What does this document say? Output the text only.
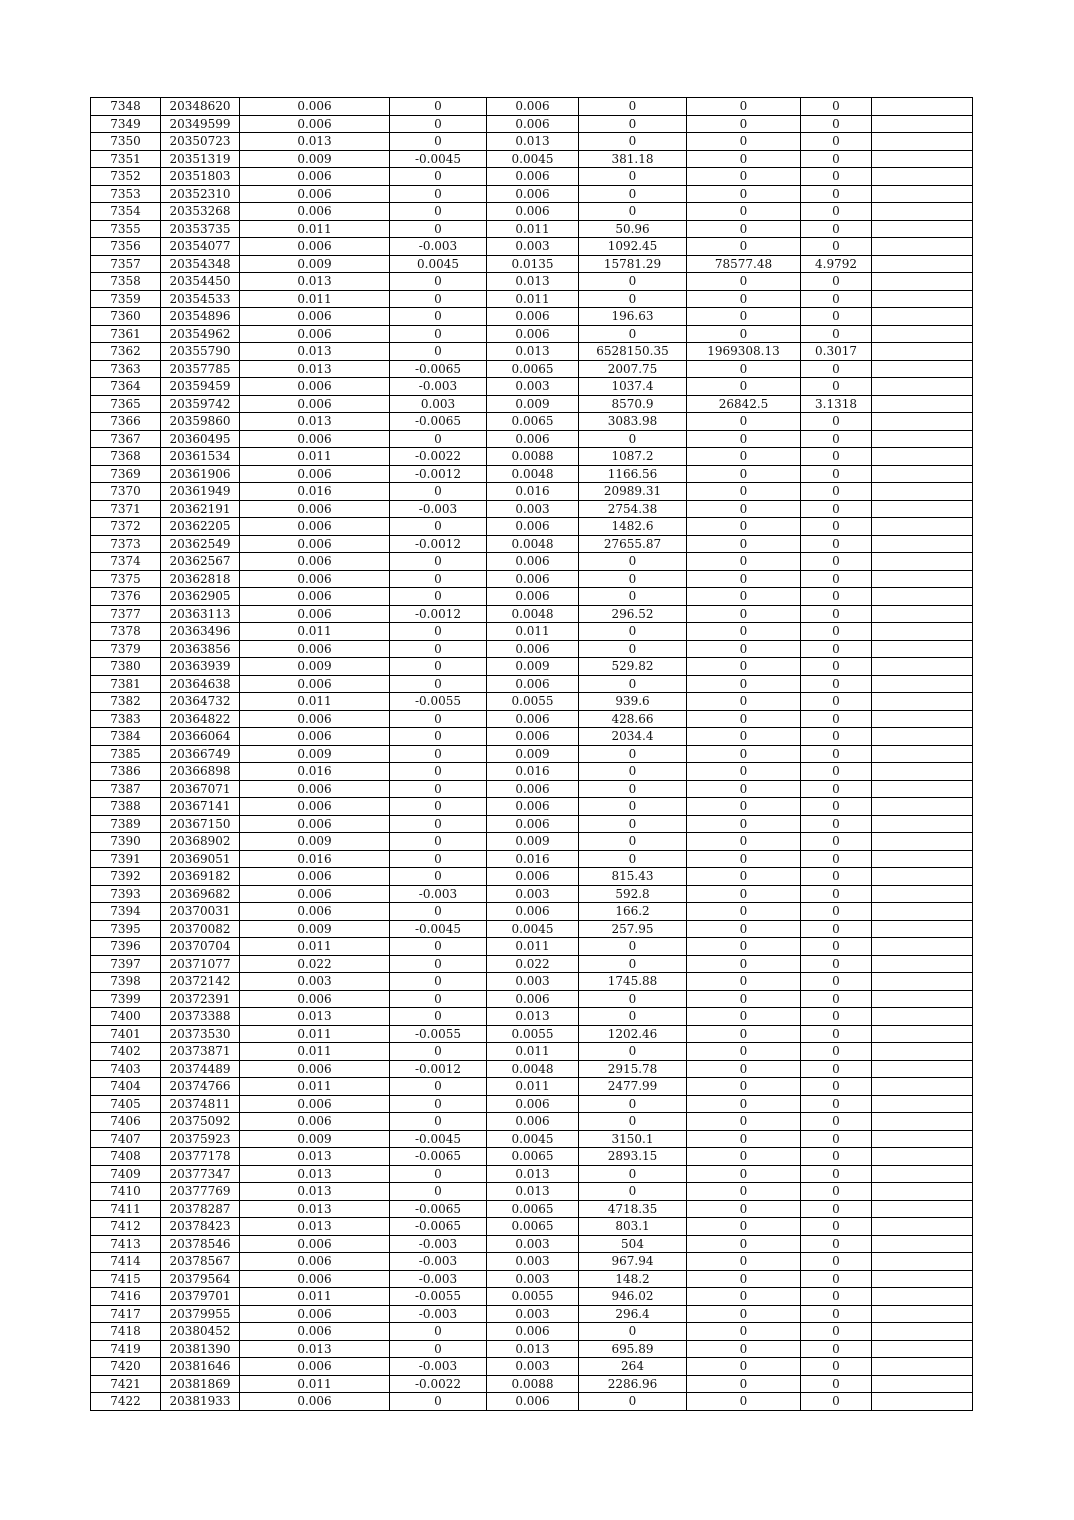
7348	20348620	0.006	0	0.006	0	0	0	
7349	20349599	0.006	0	0.006	0	0	0	
7350	20350723	0.013	0	0.013	0	0	0	
7351	20351319	0.009	-0.0045	0.0045	381.18	0	0	
7352	20351803	0.006	0	0.006	0	0	0	
7353	20352310	0.006	0	0.006	0	0	0	
7354	20353268	0.006	0	0.006	0	0	0	
7355	20353735	0.011	0	0.011	50.96	0	0	
7356	20354077	0.006	-0.003	0.003	1092.45	0	0	
7357	20354348	0.009	0.0045	0.0135	15781.29	78577.48	4.9792	
7358	20354450	0.013	0	0.013	0	0	0	
7359	20354533	0.011	0	0.011	0	0	0	
7360	20354896	0.006	0	0.006	196.63	0	0	
7361	20354962	0.006	0	0.006	0	0	0	
7362	20355790	0.013	0	0.013	6528150.35	1969308.13	0.3017	
7363	20357785	0.013	-0.0065	0.0065	2007.75	0	0	
7364	20359459	0.006	-0.003	0.003	1037.4	0	0	
7365	20359742	0.006	0.003	0.009	8570.9	26842.5	3.1318	
7366	20359860	0.013	-0.0065	0.0065	3083.98	0	0	
7367	20360495	0.006	0	0.006	0	0	0	
7368	20361534	0.011	-0.0022	0.0088	1087.2	0	0	
7369	20361906	0.006	-0.0012	0.0048	1166.56	0	0	
7370	20361949	0.016	0	0.016	20989.31	0	0	
7371	20362191	0.006	-0.003	0.003	2754.38	0	0	
7372	20362205	0.006	0	0.006	1482.6	0	0	
7373	20362549	0.006	-0.0012	0.0048	27655.87	0	0	
7374	20362567	0.006	0	0.006	0	0	0	
7375	20362818	0.006	0	0.006	0	0	0	
7376	20362905	0.006	0	0.006	0	0	0	
7377	20363113	0.006	-0.0012	0.0048	296.52	0	0	
7378	20363496	0.011	0	0.011	0	0	0	
7379	20363856	0.006	0	0.006	0	0	0	
7380	20363939	0.009	0	0.009	529.82	0	0	
7381	20364638	0.006	0	0.006	0	0	0	
7382	20364732	0.011	-0.0055	0.0055	939.6	0	0	
7383	20364822	0.006	0	0.006	428.66	0	0	
7384	20366064	0.006	0	0.006	2034.4	0	0	
7385	20366749	0.009	0	0.009	0	0	0	
7386	20366898	0.016	0	0.016	0	0	0	
7387	20367071	0.006	0	0.006	0	0	0	
7388	20367141	0.006	0	0.006	0	0	0	
7389	20367150	0.006	0	0.006	0	0	0	
7390	20368902	0.009	0	0.009	0	0	0	
7391	20369051	0.016	0	0.016	0	0	0	
7392	20369182	0.006	0	0.006	815.43	0	0	
7393	20369682	0.006	-0.003	0.003	592.8	0	0	
7394	20370031	0.006	0	0.006	166.2	0	0	
7395	20370082	0.009	-0.0045	0.0045	257.95	0	0	
7396	20370704	0.011	0	0.011	0	0	0	
7397	20371077	0.022	0	0.022	0	0	0	
7398	20372142	0.003	0	0.003	1745.88	0	0	
7399	20372391	0.006	0	0.006	0	0	0	
7400	20373388	0.013	0	0.013	0	0	0	
7401	20373530	0.011	-0.0055	0.0055	1202.46	0	0	
7402	20373871	0.011	0	0.011	0	0	0	
7403	20374489	0.006	-0.0012	0.0048	2915.78	0	0	
7404	20374766	0.011	0	0.011	2477.99	0	0	
7405	20374811	0.006	0	0.006	0	0	0	
7406	20375092	0.006	0	0.006	0	0	0	
7407	20375923	0.009	-0.0045	0.0045	3150.1	0	0	
7408	20377178	0.013	-0.0065	0.0065	2893.15	0	0	
7409	20377347	0.013	0	0.013	0	0	0	
7410	20377769	0.013	0	0.013	0	0	0	
7411	20378287	0.013	-0.0065	0.0065	4718.35	0	0	
7412	20378423	0.013	-0.0065	0.0065	803.1	0	0	
7413	20378546	0.006	-0.003	0.003	504	0	0	
7414	20378567	0.006	-0.003	0.003	967.94	0	0	
7415	20379564	0.006	-0.003	0.003	148.2	0	0	
7416	20379701	0.011	-0.0055	0.0055	946.02	0	0	
7417	20379955	0.006	-0.003	0.003	296.4	0	0	
7418	20380452	0.006	0	0.006	0	0	0	
7419	20381390	0.013	0	0.013	695.89	0	0	
7420	20381646	0.006	-0.003	0.003	264	0	0	
7421	20381869	0.011	-0.0022	0.0088	2286.96	0	0	
7422	20381933	0.006	0	0.006	0	0	0	
